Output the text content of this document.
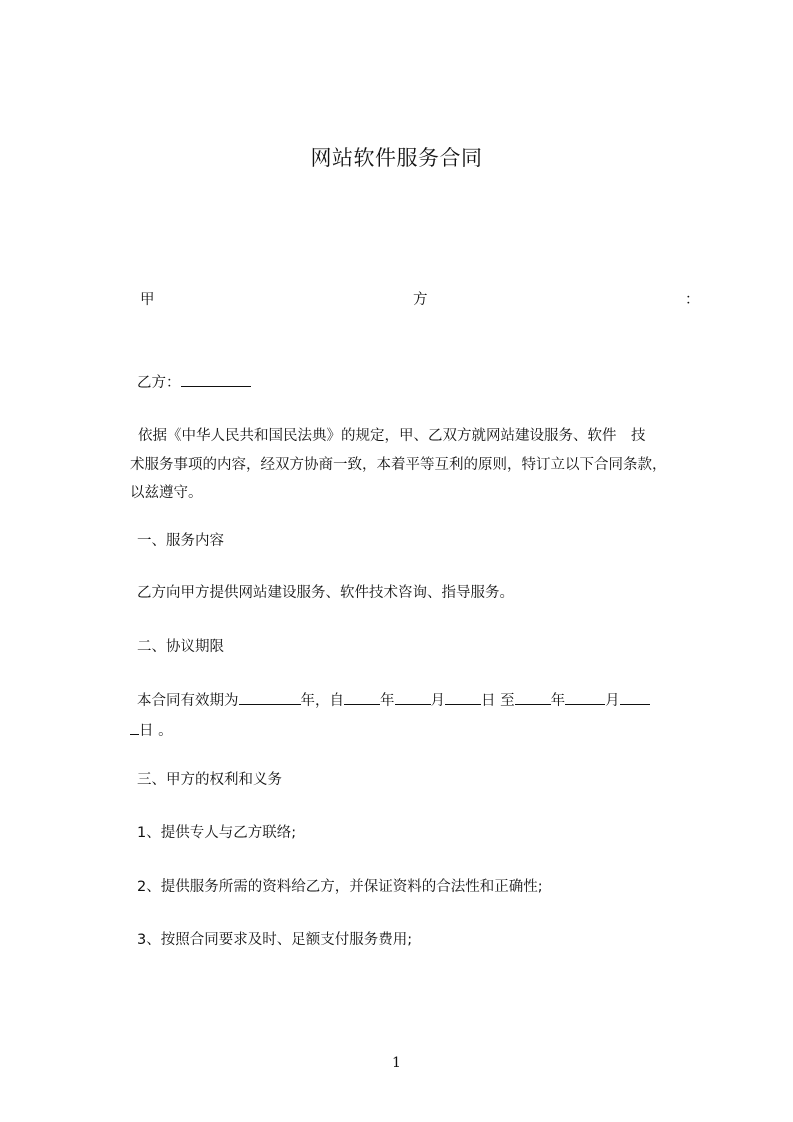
网站软件服务合同
甲	方	：
乙方：
依据《中华人民共和国民法典》的规定，甲、乙双方就网站建设服务、软件　技
术服务事项的内容，经双方协商一致，本着平等互利的原则，特订立以下合同条款，
以兹遵守。
一、服务内容
乙方向甲方提供网站建设服务、软件技术咨询、指导服务。
二、协议期限
本合同有效期为	年，自 年 月 日 至 年	月
日 。
三、甲方的权利和义务
1、提供专人与乙方联络;
2、提供服务所需的资料给乙方，并保证资料的合法性和正确性;
3、按照合同要求及时、足额支付服务费用;
1
